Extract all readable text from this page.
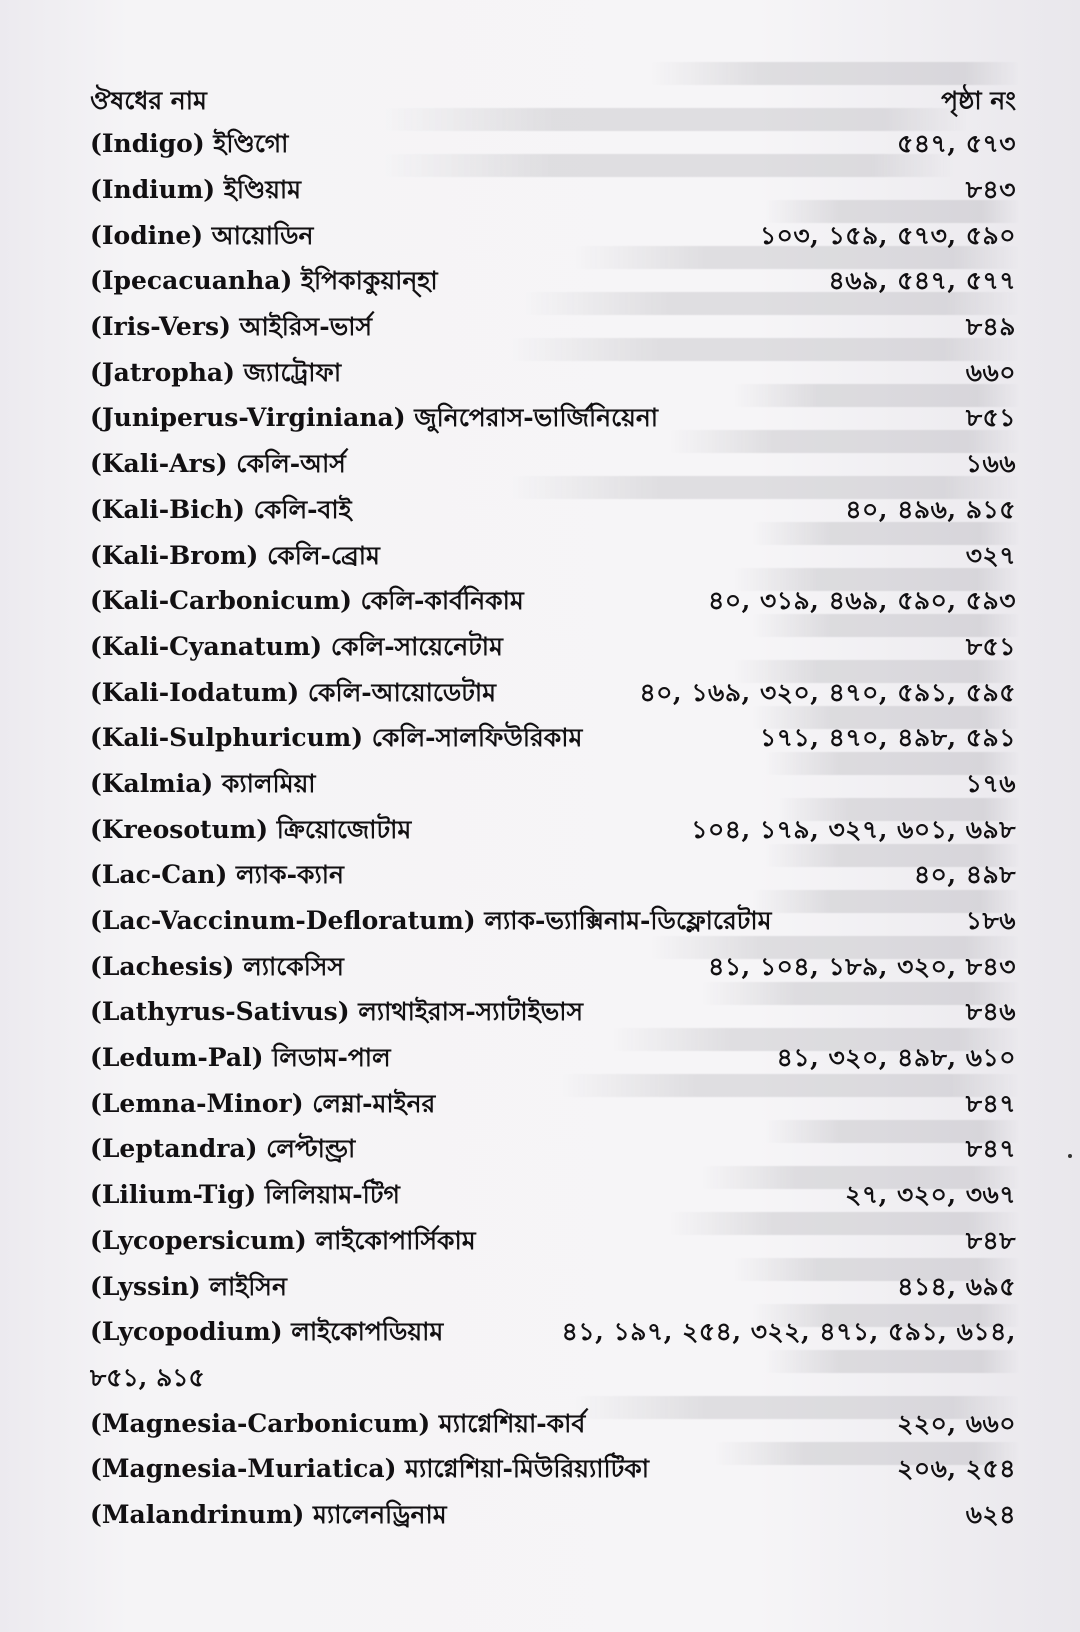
ঔষধের নাম	পৃষ্ঠা নং
(Indigo) ইণ্ডিগো	৫৪৭, ৫৭৩
(Indium) ইণ্ডিয়াম	৮৪৩
(Iodine) আয়োডিন	১০৩, ১৫৯, ৫৭৩, ৫৯০
(Ipecacuanha) ইপিকাকুয়ান্‌হা	৪৬৯, ৫৪৭, ৫৭৭
(Iris-Vers) আইরিস-ভার্স	৮৪৯
(Jatropha) জ্যাট্রোফা	৬৬০
(Juniperus-Virginiana) জুনিপেরাস-ভার্জিনিয়েনা	৮৫১
(Kali-Ars) কেলি-আর্স	১৬৬
(Kali-Bich) কেলি-বাই	৪০, ৪৯৬, ৯১৫
(Kali-Brom) কেলি-ব্রোম	৩২৭
(Kali-Carbonicum) কেলি-কার্বনিকাম	৪০, ৩১৯, ৪৬৯, ৫৯০, ৫৯৩
(Kali-Cyanatum) কেলি-সায়েনেটাম	৮৫১
(Kali-Iodatum) কেলি-আয়োডেটাম	৪০, ১৬৯, ৩২০, ৪৭০, ৫৯১, ৫৯৫
(Kali-Sulphuricum) কেলি-সালফিউরিকাম	১৭১, ৪৭০, ৪৯৮, ৫৯১
(Kalmia) ক্যালমিয়া	১৭৬
(Kreosotum) ক্রিয়োজোটাম	১০৪, ১৭৯, ৩২৭, ৬০১, ৬৯৮
(Lac-Can) ল্যাক-ক্যান	৪০, ৪৯৮
(Lac-Vaccinum-Defloratum) ল্যাক-ভ্যাক্সিনাম-ডিফ্লোরেটাম	১৮৬
(Lachesis) ল্যাকেসিস	৪১, ১০৪, ১৮৯, ৩২০, ৮৪৩
(Lathyrus-Sativus) ল্যাথাইরাস-স্যাটাইভাস	৮৪৬
(Ledum-Pal) লিডাম-পাল	৪১, ৩২০, ৪৯৮, ৬১০
(Lemna-Minor) লেম্না-মাইনর	৮৪৭
(Leptandra) লেপ্টাণ্ড্রা	৮৪৭
(Lilium-Tig) লিলিয়াম-টিগ	২৭, ৩২০, ৩৬৭
(Lycopersicum) লাইকোপার্সিকাম	৮৪৮
(Lyssin) লাইসিন	৪১৪, ৬৯৫
(Lycopodium) লাইকোপডিয়াম	৪১, ১৯৭, ২৫৪, ৩২২, ৪৭১, ৫৯১, ৬১৪,
৮৫১, ৯১৫
(Magnesia-Carbonicum) ম্যাগ্নেশিয়া-কার্ব	২২০, ৬৬০
(Magnesia-Muriatica) ম্যাগ্নেশিয়া-মিউরিয়্যাটিকা	২০৬, ২৫৪
(Malandrinum) ম্যালেনড্রিনাম	৬২৪
